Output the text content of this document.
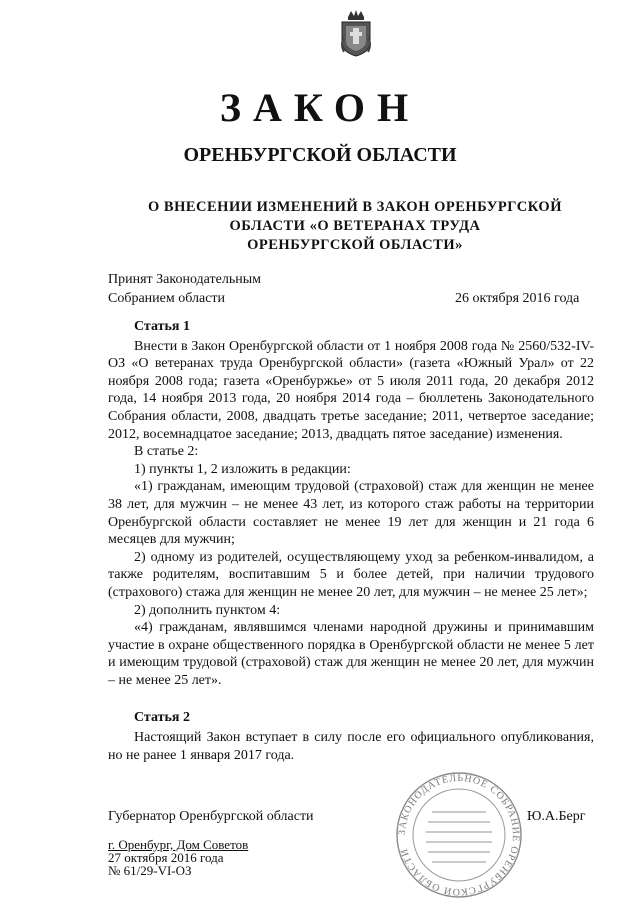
ЗАКОН
ОРЕНБУРГСКОЙ ОБЛАСТИ
О ВНЕСЕНИИ ИЗМЕНЕНИЙ В ЗАКОН ОРЕНБУРГСКОЙ
ОБЛАСТИ «О ВЕТЕРАНАХ ТРУДА
ОРЕНБУРГСКОЙ ОБЛАСТИ»
Принят Законодательным
Собранием области	26 октября 2016 года

Статья 1

Внести в Закон Оренбургской области от 1 ноября 2008 года № 2560/532-IV-ОЗ «О ветеранах труда Оренбургской области» (газета «Южный Урал» от 22 ноября 2008 года; газета «Оренбуржье» от 5 июля 2011 года, 20 декабря 2012 года, 14 ноября 2013 года, 20 ноября 2014 года – бюллетень Законодательного Собрания области, 2008, двадцать третье заседание; 2011, четвертое заседание; 2012, восемнадцатое заседание; 2013, двадцать пятое заседание) изменения.

В статье 2:

1) пункты 1, 2 изложить в редакции:

«1) гражданам, имеющим трудовой (страховой) стаж для женщин не менее 38 лет, для мужчин – не менее 43 лет, из которого стаж работы на территории Оренбургской области составляет не менее 19 лет для женщин и 21 года 6 месяцев для мужчин;

2) одному из родителей, осуществляющему уход за ребенком-инвалидом, а также родителям, воспитавшим 5 и более детей, при наличии трудового (страхового) стажа для женщин не менее 20 лет, для мужчин – не менее 25 лет»;

2) дополнить пунктом 4:

«4) гражданам, являвшимся членами народной дружины и принимавшим участие в охране общественного порядка в Оренбургской области не менее 5 лет и имеющим трудовой (страховой) стаж для женщин не менее 20 лет, для мужчин – не менее 25 лет».

Статья 2

Настоящий Закон вступает в силу после его официального опубликования, но не ранее 1 января 2017 года.

ЗАКОНОДАТЕЛЬНОЕ СОБРАНИЕ ОРЕНБУРГСКОЙ ОБЛАСТИ
Губернатор Оренбургской области	Ю.А.Берг
г. Оренбург, Дом Советов
27 октября 2016 года
№ 61/29-VI-ОЗ
